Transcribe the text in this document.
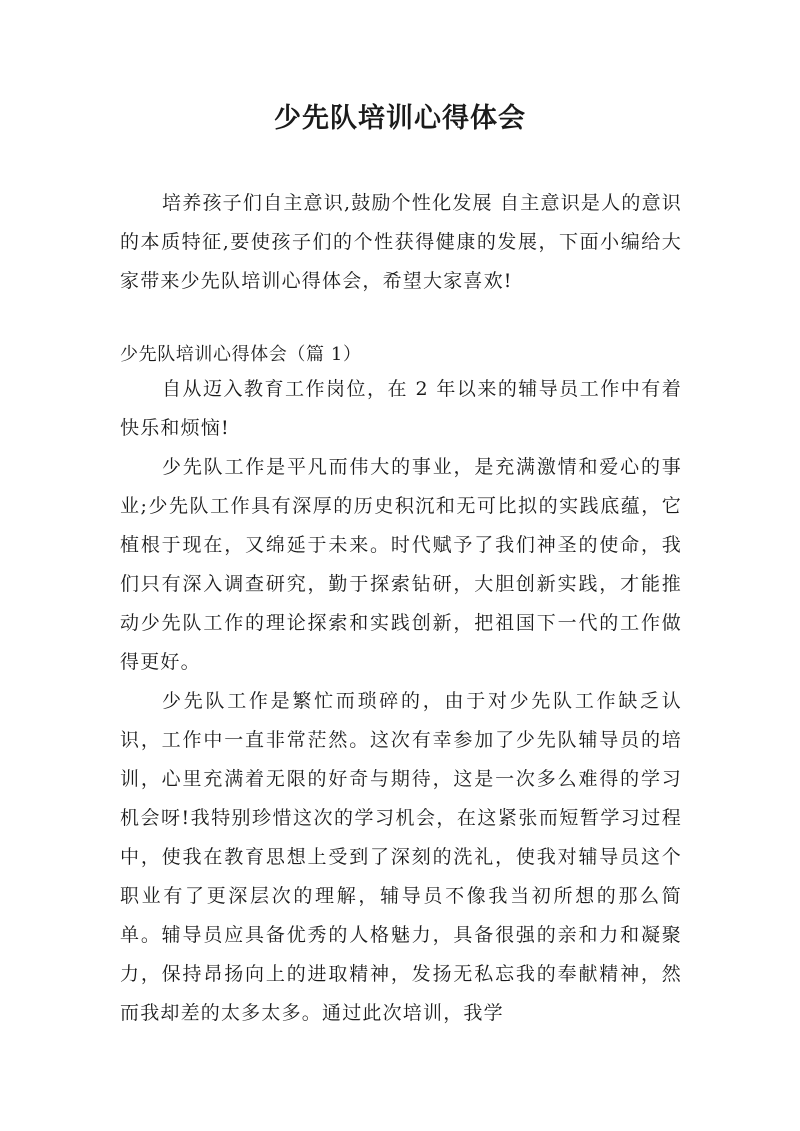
少先队培训心得体会

培养孩子们自主意识,鼓励个性化发展 自主意识是人的意识的本质特征,要使孩子们的个性获得健康的发展，下面小编给大家带来少先队培训心得体会，希望大家喜欢!

少先队培训心得体会（篇 1）

自从迈入教育工作岗位，在 2 年以来的辅导员工作中有着快乐和烦恼!

少先队工作是平凡而伟大的事业，是充满激情和爱心的事业;少先队工作具有深厚的历史积沉和无可比拟的实践底蕴，它植根于现在，又绵延于未来。时代赋予了我们神圣的使命，我们只有深入调查研究，勤于探索钻研，大胆创新实践，才能推动少先队工作的理论探索和实践创新，把祖国下一代的工作做得更好。

少先队工作是繁忙而琐碎的，由于对少先队工作缺乏认识，工作中一直非常茫然。这次有幸参加了少先队辅导员的培训，心里充满着无限的好奇与期待，这是一次多么难得的学习机会呀!我特别珍惜这次的学习机会，在这紧张而短暂学习过程中，使我在教育思想上受到了深刻的洗礼，使我对辅导员这个职业有了更深层次的理解，辅导员不像我当初所想的那么简单。辅导员应具备优秀的人格魅力，具备很强的亲和力和凝聚力，保持昂扬向上的进取精神，发扬无私忘我的奉献精神，然而我却差的太多太多。通过此次培训，我学
